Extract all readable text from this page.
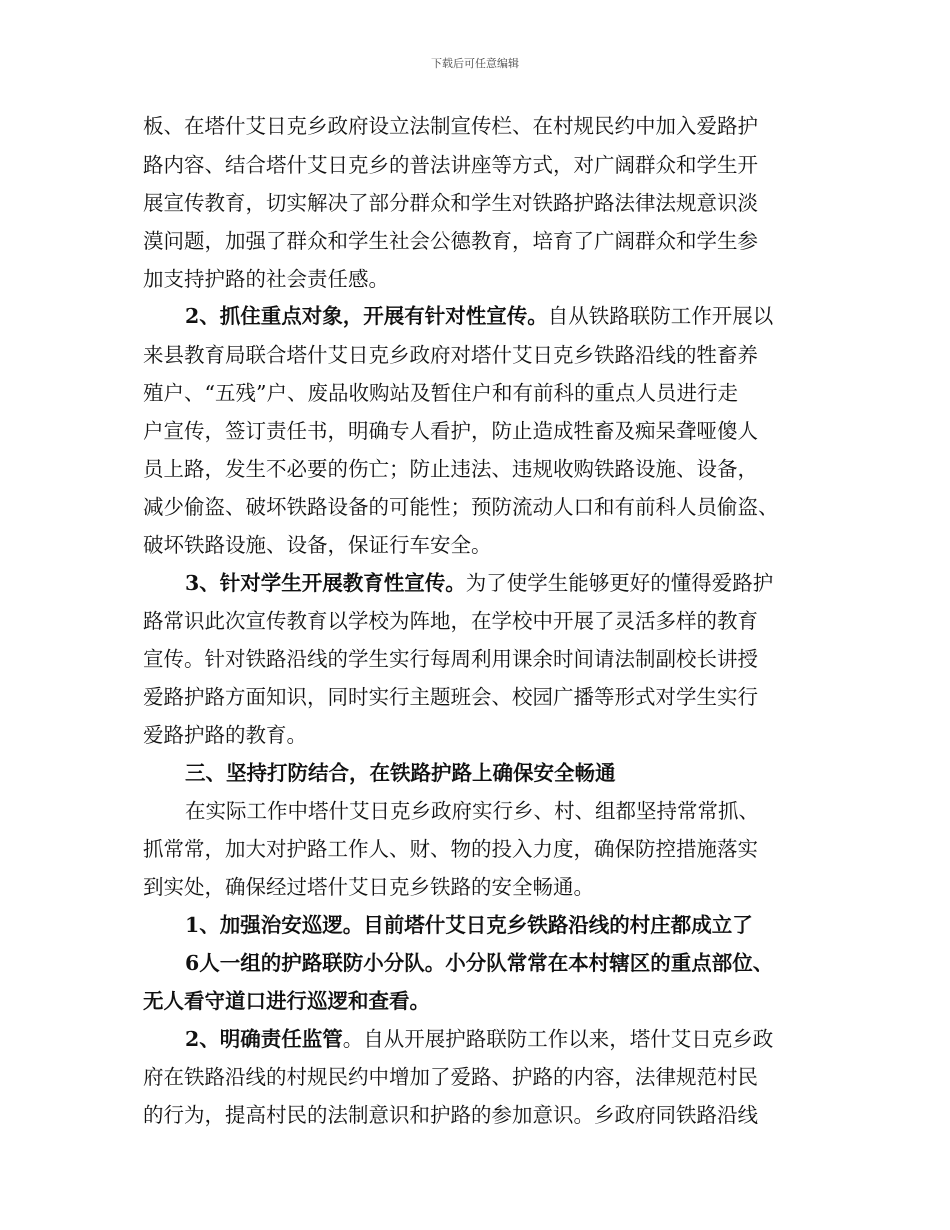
下载后可任意编辑
板、在塔什艾日克乡政府设立法制宣传栏、在村规民约中加入爱路护
路内容、结合塔什艾日克乡的普法讲座等方式，对广阔群众和学生开
展宣传教育，切实解决了部分群众和学生对铁路护路法律法规意识淡
漠问题，加强了群众和学生社会公德教育，培育了广阔群众和学生参
加支持护路的社会责任感。
2、抓住重点对象，开展有针对性宣传。自从铁路联防工作开展以
来县教育局联合塔什艾日克乡政府对塔什艾日克乡铁路沿线的牲畜养
殖户、“五残”户、废品收购站及暂住户和有前科的重点人员进行走
户宣传，签订责任书，明确专人看护，防止造成牲畜及痴呆聋哑傻人
员上路，发生不必要的伤亡；防止违法、违规收购铁路设施、设备，
减少偷盗、破坏铁路设备的可能性；预防流动人口和有前科人员偷盗、
破坏铁路设施、设备，保证行车安全。
3、针对学生开展教育性宣传。为了使学生能够更好的懂得爱路护
路常识此次宣传教育以学校为阵地，在学校中开展了灵活多样的教育
宣传。针对铁路沿线的学生实行每周利用课余时间请法制副校长讲授
爱路护路方面知识，同时实行主题班会、校园广播等形式对学生实行
爱路护路的教育。
三、坚持打防结合，在铁路护路上确保安全畅通
在实际工作中塔什艾日克乡政府实行乡、村、组都坚持常常抓、
抓常常，加大对护路工作人、财、物的投入力度，确保防控措施落实
到实处，确保经过塔什艾日克乡铁路的安全畅通。
1、加强治安巡逻。目前塔什艾日克乡铁路沿线的村庄都成立了
6人一组的护路联防小分队。小分队常常在本村辖区的重点部位、
无人看守道口进行巡逻和查看。
2、明确责任监管。自从开展护路联防工作以来，塔什艾日克乡政
府在铁路沿线的村规民约中增加了爱路、护路的内容，法律规范村民
的行为，提高村民的法制意识和护路的参加意识。乡政府同铁路沿线
